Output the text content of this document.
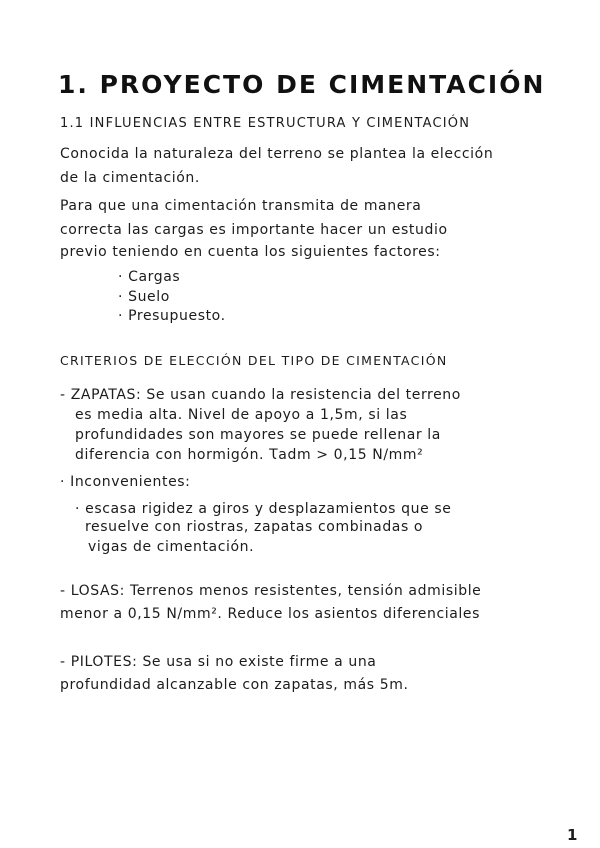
1. PROYECTO DE CIMENTACIÓN
1.1 INFLUENCIAS ENTRE ESTRUCTURA Y CIMENTACIÓN
Conocida la naturaleza del terreno se plantea la elección
de la cimentación.
Para que una cimentación transmita de manera
correcta las cargas es importante hacer un estudio
previo teniendo en cuenta los siguientes factores:
· Cargas
· Suelo
· Presupuesto.
CRITERIOS DE ELECCIÓN DEL TIPO DE CIMENTACIÓN
- ZAPATAS: Se usan cuando la resistencia del terreno
es media alta. Nivel de apoyo a 1,5m, si las
profundidades son mayores se puede rellenar la
diferencia con hormigón. Ꚍadm > 0,15 N/mm²
· Inconvenientes:
· escasa rigidez a giros y desplazamientos que se
resuelve con riostras, zapatas combinadas o
vigas de cimentación.
- LOSAS: Terrenos menos resistentes, tensión admisible
menor a 0,15 N/mm². Reduce los asientos diferenciales
- PILOTES: Se usa si no existe firme a una
profundidad alcanzable con zapatas, más 5m.
1
